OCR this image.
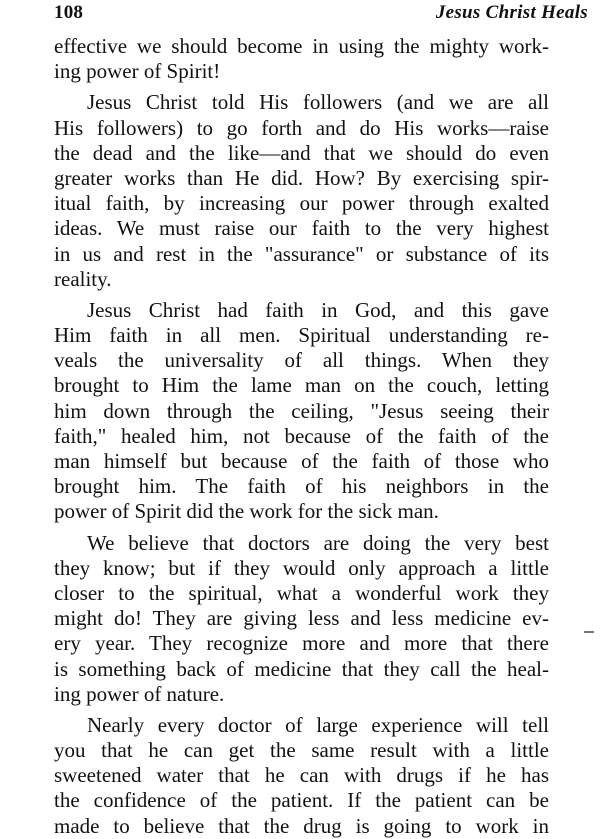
108	Jesus Christ Heals
effective we should become in using the mighty work-
ing power of Spirit!
Jesus Christ told His followers (and we are all
His followers) to go forth and do His works—raise
the dead and the like—and that we should do even
greater works than He did. How? By exercising spir-
itual faith, by increasing our power through exalted
ideas. We must raise our faith to the very highest
in us and rest in the "assurance" or substance of its
reality.
Jesus Christ had faith in God, and this gave
Him faith in all men. Spiritual understanding re-
veals the universality of all things. When they
brought to Him the lame man on the couch, letting
him down through the ceiling, "Jesus seeing their
faith," healed him, not because of the faith of the
man himself but because of the faith of those who
brought him. The faith of his neighbors in the
power of Spirit did the work for the sick man.
We believe that doctors are doing the very best
they know; but if they would only approach a little
closer to the spiritual, what a wonderful work they
might do! They are giving less and less medicine ev-
ery year. They recognize more and more that there
is something back of medicine that they call the heal-
ing power of nature.
Nearly every doctor of large experience will tell
you that he can get the same result with a little
sweetened water that he can with drugs if he has
the confidence of the patient. If the patient can be
made to believe that the drug is going to work in
